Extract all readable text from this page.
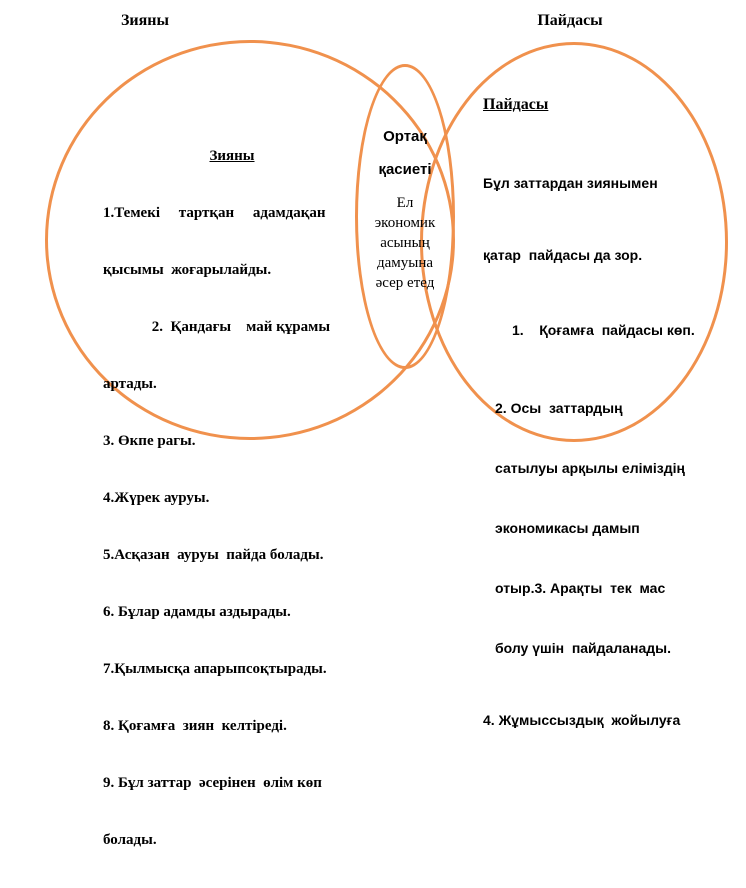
Зияны	Пайдасы

Зияны

1.Темекі     тартқан     адамдақан

қысымы  жоғарылайды.

2.  Қандағы    май құрамы

артады.

3. Өкпе рагы.

4.Жүрек ауруы.

5.Асқазан  ауруы  пайда болады.

6. Бұлар адамды аздырады.

7.Қылмысқа апарыпсоқтырады.

8. Қоғамға  зиян  келтіреді.

9. Бұл заттар  әсерінен  өлім көп

болады.

Ортақ
қасиеті
Ел
экономик
асының
дамуына
әсер етед
Пайдасы

Бұл заттардан зиянымен

қатар  пайдасы да зор.

1.    Қоғамға  пайдасы көп.

2. Осы  заттардың

сатылуы арқылы еліміздің

экономикасы дамып

отыр.3. Арақты  тек  мас

болу үшін  пайдаланады.

4. Жұмыссыздық  жойылуға
